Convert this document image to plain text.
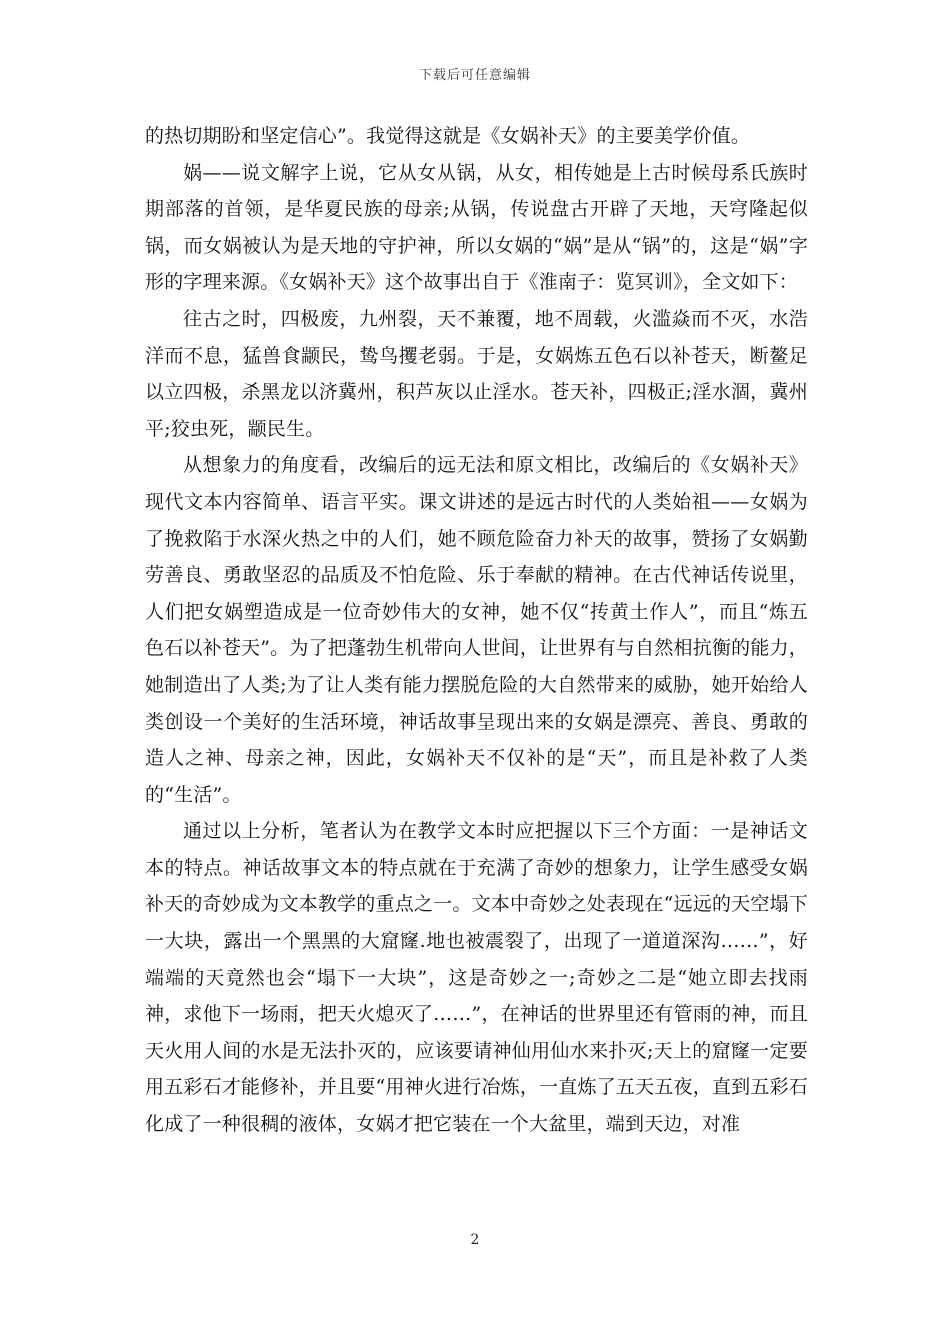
下载后可任意编辑

的热切期盼和坚定信心”。我觉得这就是《女娲补天》的主要美学价值。

娲——说文解字上说，它从女从锅，从女，相传她是上古时候母系氏族时期部落的首领，是华夏民族的母亲;从锅，传说盘古开辟了天地，天穹隆起似锅，而女娲被认为是天地的守护神，所以女娲的“娲”是从“锅”的，这是“娲”字形的字理来源。《女娲补天》这个故事出自于《淮南子：览冥训》，全文如下：

往古之时，四极废，九州裂，天不兼覆，地不周载，火滥焱而不灭，水浩洋而不息，猛兽食颛民，鸷鸟攫老弱。于是，女娲炼五色石以补苍天，断鳌足以立四极，杀黑龙以济冀州，积芦灰以止淫水。苍天补，四极正;淫水涸，冀州平;狡虫死，颛民生。

从想象力的角度看，改编后的远无法和原文相比，改编后的《女娲补天》现代文本内容简单、语言平实。课文讲述的是远古时代的人类始祖——女娲为了挽救陷于水深火热之中的人们，她不顾危险奋力补天的故事，赞扬了女娲勤劳善良、勇敢坚忍的品质及不怕危险、乐于奉献的精神。在古代神话传说里，人们把女娲塑造成是一位奇妙伟大的女神，她不仅“抟黄土作人”，而且“炼五色石以补苍天”。为了把蓬勃生机带向人世间，让世界有与自然相抗衡的能力，她制造出了人类;为了让人类有能力摆脱危险的大自然带来的威胁，她开始给人类创设一个美好的生活环境，神话故事呈现出来的女娲是漂亮、善良、勇敢的造人之神、母亲之神，因此，女娲补天不仅补的是“天”，而且是补救了人类的“生活”。

通过以上分析，笔者认为在教学文本时应把握以下三个方面：一是神话文本的特点。神话故事文本的特点就在于充满了奇妙的想象力，让学生感受女娲补天的奇妙成为文本教学的重点之一。文本中奇妙之处表现在“远远的天空塌下一大块，露出一个黑黑的大窟窿.地也被震裂了，出现了一道道深沟……”，好端端的天竟然也会“塌下一大块”，这是奇妙之一;奇妙之二是“她立即去找雨神，求他下一场雨，把天火熄灭了……”，在神话的世界里还有管雨的神，而且天火用人间的水是无法扑灭的，应该要请神仙用仙水来扑灭;天上的窟窿一定要用五彩石才能修补，并且要“用神火进行冶炼，一直炼了五天五夜，直到五彩石化成了一种很稠的液体，女娲才把它装在一个大盆里，端到天边，对准

2
